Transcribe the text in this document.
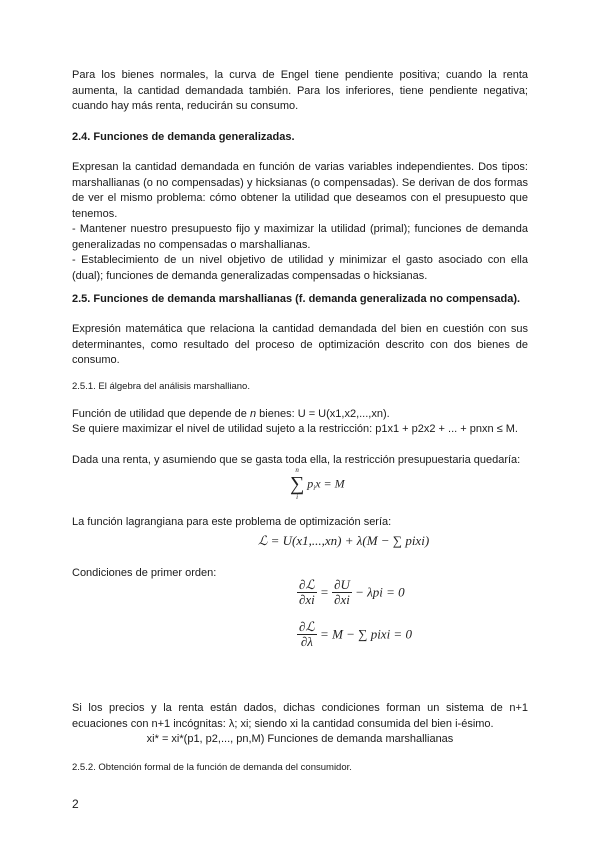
Para los bienes normales, la curva de Engel tiene pendiente positiva; cuando la renta aumenta, la cantidad demandada también. Para los inferiores, tiene pendiente negativa; cuando hay más renta, reducirán su consumo.

2.4. Funciones de demanda generalizadas.

Expresan la cantidad demandada en función de varias variables independientes. Dos tipos: marshallianas (o no compensadas) y hicksianas (o compensadas). Se derivan de dos formas de ver el mismo problema: cómo obtener la utilidad que deseamos con el presupuesto que tenemos.

- Mantener nuestro presupuesto fijo y maximizar la utilidad (primal); funciones de demanda generalizadas no compensadas o marshallianas.

- Establecimiento de un nivel objetivo de utilidad y minimizar el gasto asociado con ella (dual); funciones de demanda generalizadas compensadas o hicksianas.

2.5. Funciones de demanda marshallianas (f. demanda generalizada no compensada).

Expresión matemática que relaciona la cantidad demandada del bien en cuestión con sus determinantes, como resultado del proceso de optimización descrito con dos bienes de consumo.

2.5.1. El álgebra del análisis marshalliano.

Función de utilidad que depende de n bienes: U = U(x1,x2,...,xn).

Se quiere maximizar el nivel de utilidad sujeto a la restricción: p1x1 + p2x2 + ... + pnxn ≤ M.

Dada una renta, y asumiendo que se gasta toda ella, la restricción presupuestaria quedaría:

n
∑
i
$p_ix = M$

La función lagrangiana para este problema de optimización sería:

ℒ = U(x1,...,xn) + λ(M − ∑ pixi)

Condiciones de primer orden:

$\frac{\text{∂ℒ}}{\partial xi} = \frac{\partial U}{\partial xi} - \lambda pi = 0$
$\frac{\text{∂ℒ}}{\partial\lambda} = M$ − ∑ pixi = 0

Si los precios y la renta están dados, dichas condiciones forman un sistema de n+1 ecuaciones con n+1 incógnitas: λ; xi; siendo xi la cantidad consumida del bien i-ésimo.

xi* = xi*(p1, p2,..., pn,M) Funciones de demanda marshallianas

2.5.2. Obtención formal de la función de demanda del consumidor.
2
